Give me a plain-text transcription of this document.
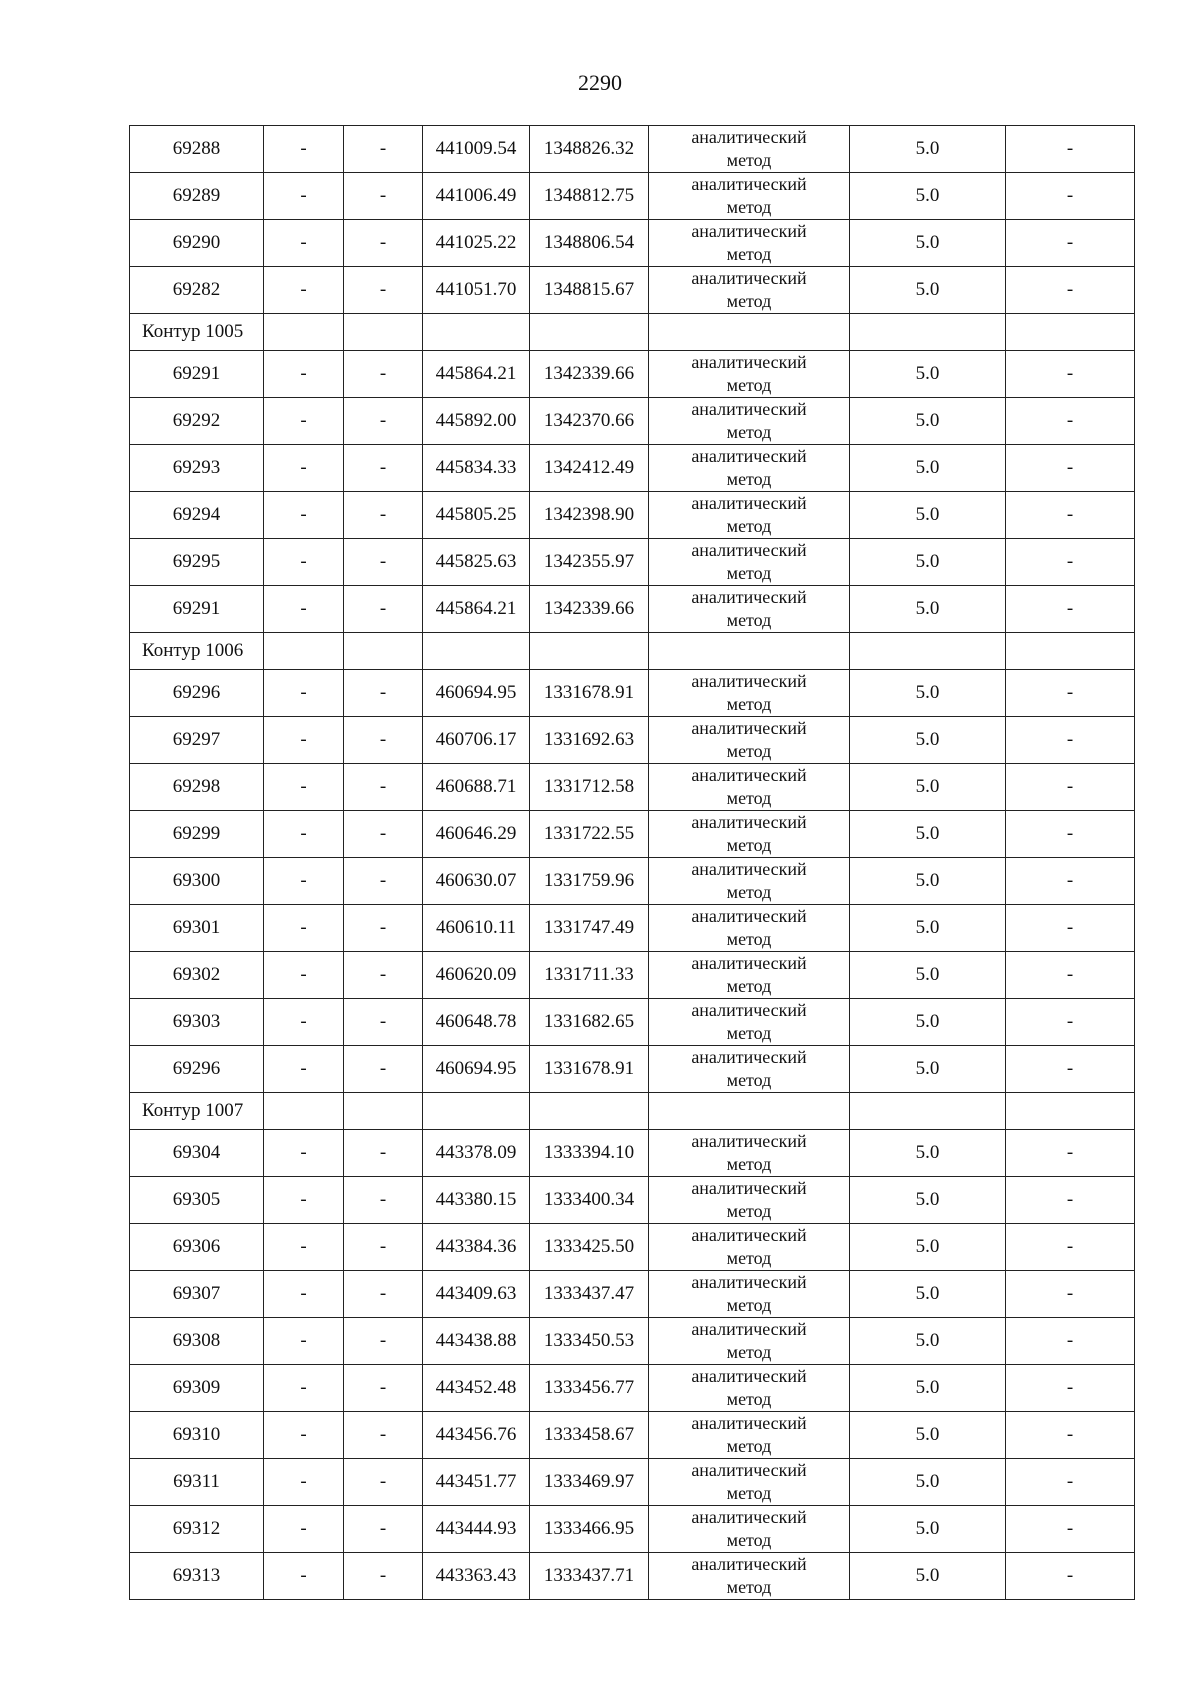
2290
69288	-	-	441009.54	1348826.32	аналитический
метод	5.0	-
69289	-	-	441006.49	1348812.75	аналитический
метод	5.0	-
69290	-	-	441025.22	1348806.54	аналитический
метод	5.0	-
69282	-	-	441051.70	1348815.67	аналитический
метод	5.0	-
Контур 1005							
69291	-	-	445864.21	1342339.66	аналитический
метод	5.0	-
69292	-	-	445892.00	1342370.66	аналитический
метод	5.0	-
69293	-	-	445834.33	1342412.49	аналитический
метод	5.0	-
69294	-	-	445805.25	1342398.90	аналитический
метод	5.0	-
69295	-	-	445825.63	1342355.97	аналитический
метод	5.0	-
69291	-	-	445864.21	1342339.66	аналитический
метод	5.0	-
Контур 1006							
69296	-	-	460694.95	1331678.91	аналитический
метод	5.0	-
69297	-	-	460706.17	1331692.63	аналитический
метод	5.0	-
69298	-	-	460688.71	1331712.58	аналитический
метод	5.0	-
69299	-	-	460646.29	1331722.55	аналитический
метод	5.0	-
69300	-	-	460630.07	1331759.96	аналитический
метод	5.0	-
69301	-	-	460610.11	1331747.49	аналитический
метод	5.0	-
69302	-	-	460620.09	1331711.33	аналитический
метод	5.0	-
69303	-	-	460648.78	1331682.65	аналитический
метод	5.0	-
69296	-	-	460694.95	1331678.91	аналитический
метод	5.0	-
Контур 1007							
69304	-	-	443378.09	1333394.10	аналитический
метод	5.0	-
69305	-	-	443380.15	1333400.34	аналитический
метод	5.0	-
69306	-	-	443384.36	1333425.50	аналитический
метод	5.0	-
69307	-	-	443409.63	1333437.47	аналитический
метод	5.0	-
69308	-	-	443438.88	1333450.53	аналитический
метод	5.0	-
69309	-	-	443452.48	1333456.77	аналитический
метод	5.0	-
69310	-	-	443456.76	1333458.67	аналитический
метод	5.0	-
69311	-	-	443451.77	1333469.97	аналитический
метод	5.0	-
69312	-	-	443444.93	1333466.95	аналитический
метод	5.0	-
69313	-	-	443363.43	1333437.71	аналитический
метод	5.0	-
